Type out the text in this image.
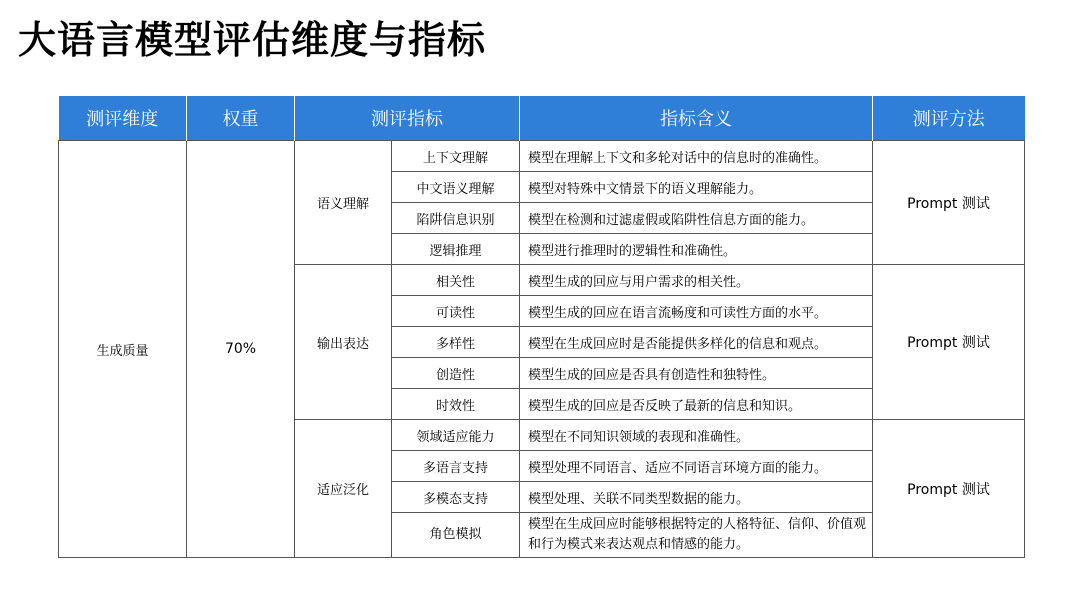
大语言模型评估维度与指标
测评维度	权重	测评指标		指标含义	测评方法
生成质量	70%	语义理解	上下文理解	模型在理解上下文和多轮对话中的信息时的准确性。	Prompt 测试
			中文语义理解	模型对特殊中文情景下的语义理解能力。	
			陷阱信息识别	模型在检测和过滤虚假或陷阱性信息方面的能力。	
			逻辑推理	模型进行推理时的逻辑性和准确性。	
		输出表达	相关性	模型生成的回应与用户需求的相关性。	Prompt 测试
			可读性	模型生成的回应在语言流畅度和可读性方面的水平。	
			多样性	模型在生成回应时是否能提供多样化的信息和观点。	
			创造性	模型生成的回应是否具有创造性和独特性。	
			时效性	模型生成的回应是否反映了最新的信息和知识。	
		适应泛化	领域适应能力	模型在不同知识领域的表现和准确性。	Prompt 测试
			多语言支持	模型处理不同语言、适应不同语言环境方面的能力。	
			多模态支持	模型处理、关联不同类型数据的能力。	
			角色模拟	模型在生成回应时能够根据特定的人格特征、信仰、价值观和行为模式来表达观点和情感的能力。	
